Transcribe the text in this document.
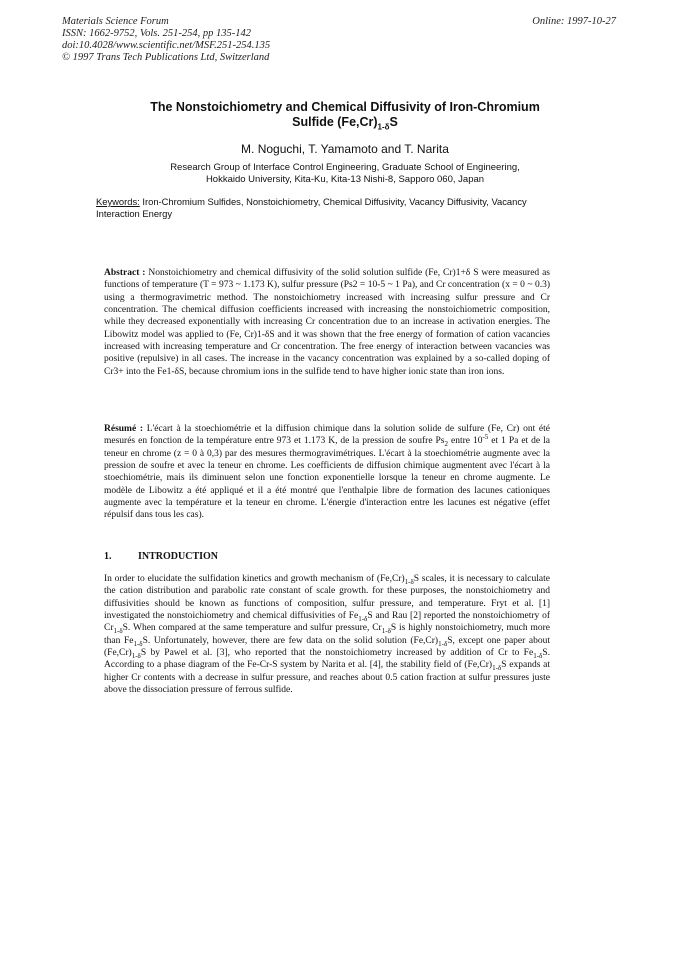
Materials Science Forum
ISSN: 1662-9752, Vols. 251-254, pp 135-142
doi:10.4028/www.scientific.net/MSF.251-254.135
© 1997 Trans Tech Publications Ltd, Switzerland
Online: 1997-10-27
The Nonstoichiometry and Chemical Diffusivity of Iron-Chromium
Sulfide $(Fe,Cr)_{1-\delta}S$
M. Noguchi, T. Yamamoto and T. Narita
Research Group of Interface Control Engineering, Graduate School of Engineering,
Hokkaido University, Kita-Ku, Kita-13 Nishi-8, Sapporo 060, Japan
Keywords: Iron-Chromium Sulfides, Nonstoichiometry, Chemical Diffusivity, Vacancy Diffusivity, Vacancy Interaction Energy
Abstract : Nonstoichiometry and chemical diffusivity of the solid solution sulfide (Fe, Cr)1+δ S were measured as functions of temperature (T = 973 ~ 1.173 K), sulfur pressure (Ps2 = 10-5 ~ 1 Pa), and Cr concentration (x = 0 ~ 0.3) using a thermogravimetric method. The nonstoichiometry increased with increasing sulfur pressure and Cr concentration. The chemical diffusion coefficients increased with increasing the nonstoichiometric composition, while they decreased exponentially with increasing Cr concentration due to an increase in activation energies. The Libowitz model was applied to (Fe, Cr)1-δS and it was shown that the free energy of formation of cation vacancies increased with increasing temperature and Cr concentration. The free energy of interaction between vacancies was positive (repulsive) in all cases. The increase in the vacancy concentration was explained by a so-called doping of Cr3+ into the Fe1-δS, because chromium ions in the sulfide tend to have higher ionic state than iron ions.
Résumé : L'écart à la stoechiométrie et la diffusion chimique dans la solution solide de sulfure (Fe, Cr) ont été mesurés en fonction de la température entre 973 et 1.173 K, de la pression de soufre $Ps_2$ entre $10^{-5}$ et 1 Pa et de la teneur en chrome (z = 0 à 0,3) par des mesures thermogravimétriques. L'écart à la stoechiométrie augmente avec la pression de soufre et avec la teneur en chrome. Les coefficients de diffusion chimique augmentent avec l'écart à la stoechiométrie, mais ils diminuent selon une fonction exponentielle lorsque la teneur en chrome augmente. Le modèle de Libowitz a été appliqué et il a été montré que l'enthalpie libre de formation des lacunes cationiques augmente avec la température et la teneur en chrome. L'énergie d'interaction entre les lacunes est négative (effet répulsif dans tous les cas).
1.	INTRODUCTION
In order to elucidate the sulfidation kinetics and growth mechanism of $(Fe,Cr)_{1-\delta}S$ scales, it is necessary to calculate the cation distribution and parabolic rate constant of scale growth. for these purposes, the nonstoichiometry and diffusivities should be known as functions of composition, sulfur pressure, and temperature. Fryt et al. [1] investigated the nonstoichiometry and chemical diffusivities of $Fe_{1-\delta}S$ and Rau [2] reported the nonstoichiometry of $Cr_{1-\delta}S$. When compared at the same temperature and sulfur pressure, $Cr_{1-\delta}S$ is highly nonstoichiometry, much more than $Fe_{1-\delta}S$. Unfortunately, however, there are few data on the solid solution $(Fe,Cr)_{1-\delta}S$, except one paper about $(Fe,Cr)_{1-\delta}S$ by Pawel et al. [3], who reported that the nonstoichiometry increased by addition of Cr to $Fe_{1-\delta}S$. According to a phase diagram of the Fe-Cr-S system by Narita et al. [4], the stability field of $(Fe,Cr)_{1-\delta}S$ expands at higher Cr contents with a decrease in sulfur pressure, and reaches about 0.5 cation fraction at sulfur pressures juste above the dissociation pressure of ferrous sulfide.
